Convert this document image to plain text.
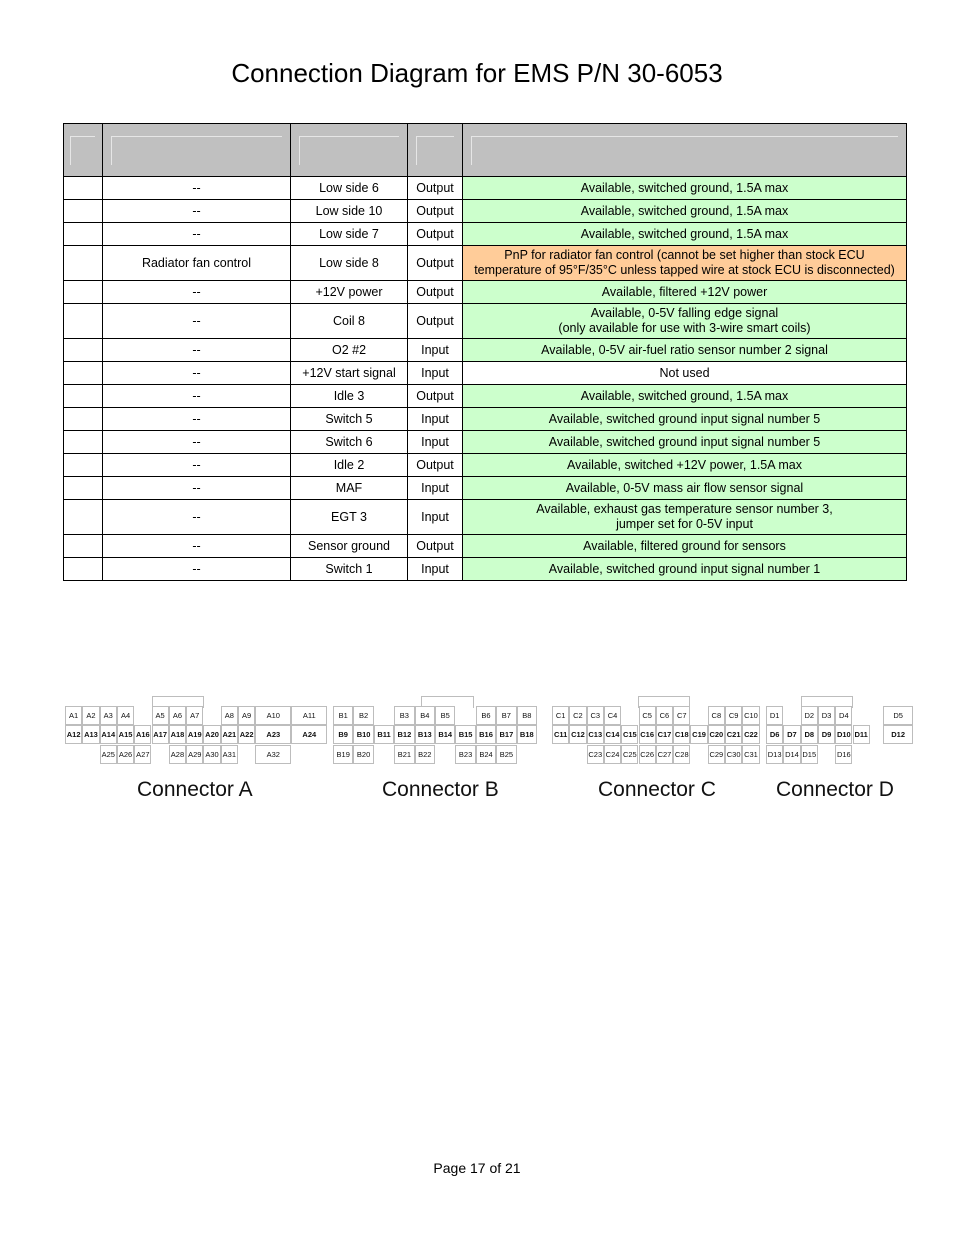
Connection Diagram for EMS P/N 30-6053

	--	Low side 6	Output	Available, switched ground, 1.5A max

	--	Low side 10	Output	Available, switched ground, 1.5A max

	--	Low side 7	Output	Available, switched ground, 1.5A max

	Radiator fan control	Low side 8	Output	PnP for radiator fan control (cannot be set higher than stock ECU
temperature of 95°F/35°C unless tapped wire at stock ECU is disconnected)

	--	+12V power	Output	Available, filtered +12V power

	--	Coil 8	Output	Available, 0-5V falling edge signal
(only available for use with 3-wire smart coils)

	--	O2 #2	Input	Available, 0-5V air-fuel ratio sensor number 2 signal

	--	+12V start signal	Input	Not used

	--	Idle 3	Output	Available, switched ground, 1.5A max

	--	Switch 5	Input	Available, switched ground input signal number 5

	--	Switch 6	Input	Available, switched ground input signal number 5

	--	Idle 2	Output	Available, switched +12V power, 1.5A max

	--	MAF	Input	Available, 0-5V mass air flow sensor signal

	--	EGT 3	Input	Available, exhaust gas temperature sensor number 3,
jumper set for 0-5V input

	--	Sensor ground	Output	Available, filtered ground for sensors

	--	Switch 1	Input	Available, switched ground input signal number 1
A1	A2	A3	A4	A5	A6	A7	A8	A9	A10	A11
A12 A13 A14 A15 A16 A17 A18 A19 A20 A21 A22	A23	A24
A25 A26 A27	A28 A29 A30 A31	A32
Connector A
B1	B2	B3	B4	B5	B6	B7	B8
B9	B10 B11 B12 B13 B14 B15 B16 B17 B18
B19 B20	B21 B22	B23 B24 B25
Connector B
C1	C2	C3	C4	C5	C6	C7	C8	C9 C10
C11 C12 C13 C14 C15 C16 C17 C18 C19 C20 C21 C22
C23 C24 C25 C26 C27 C28	C29 C30 C31
Connector C
D1	D2	D3	D4	D5
D6	D7	D8	D9 D10 D11	D12
D13 D14 D15	D16
Connector D
Page 17 of 21
